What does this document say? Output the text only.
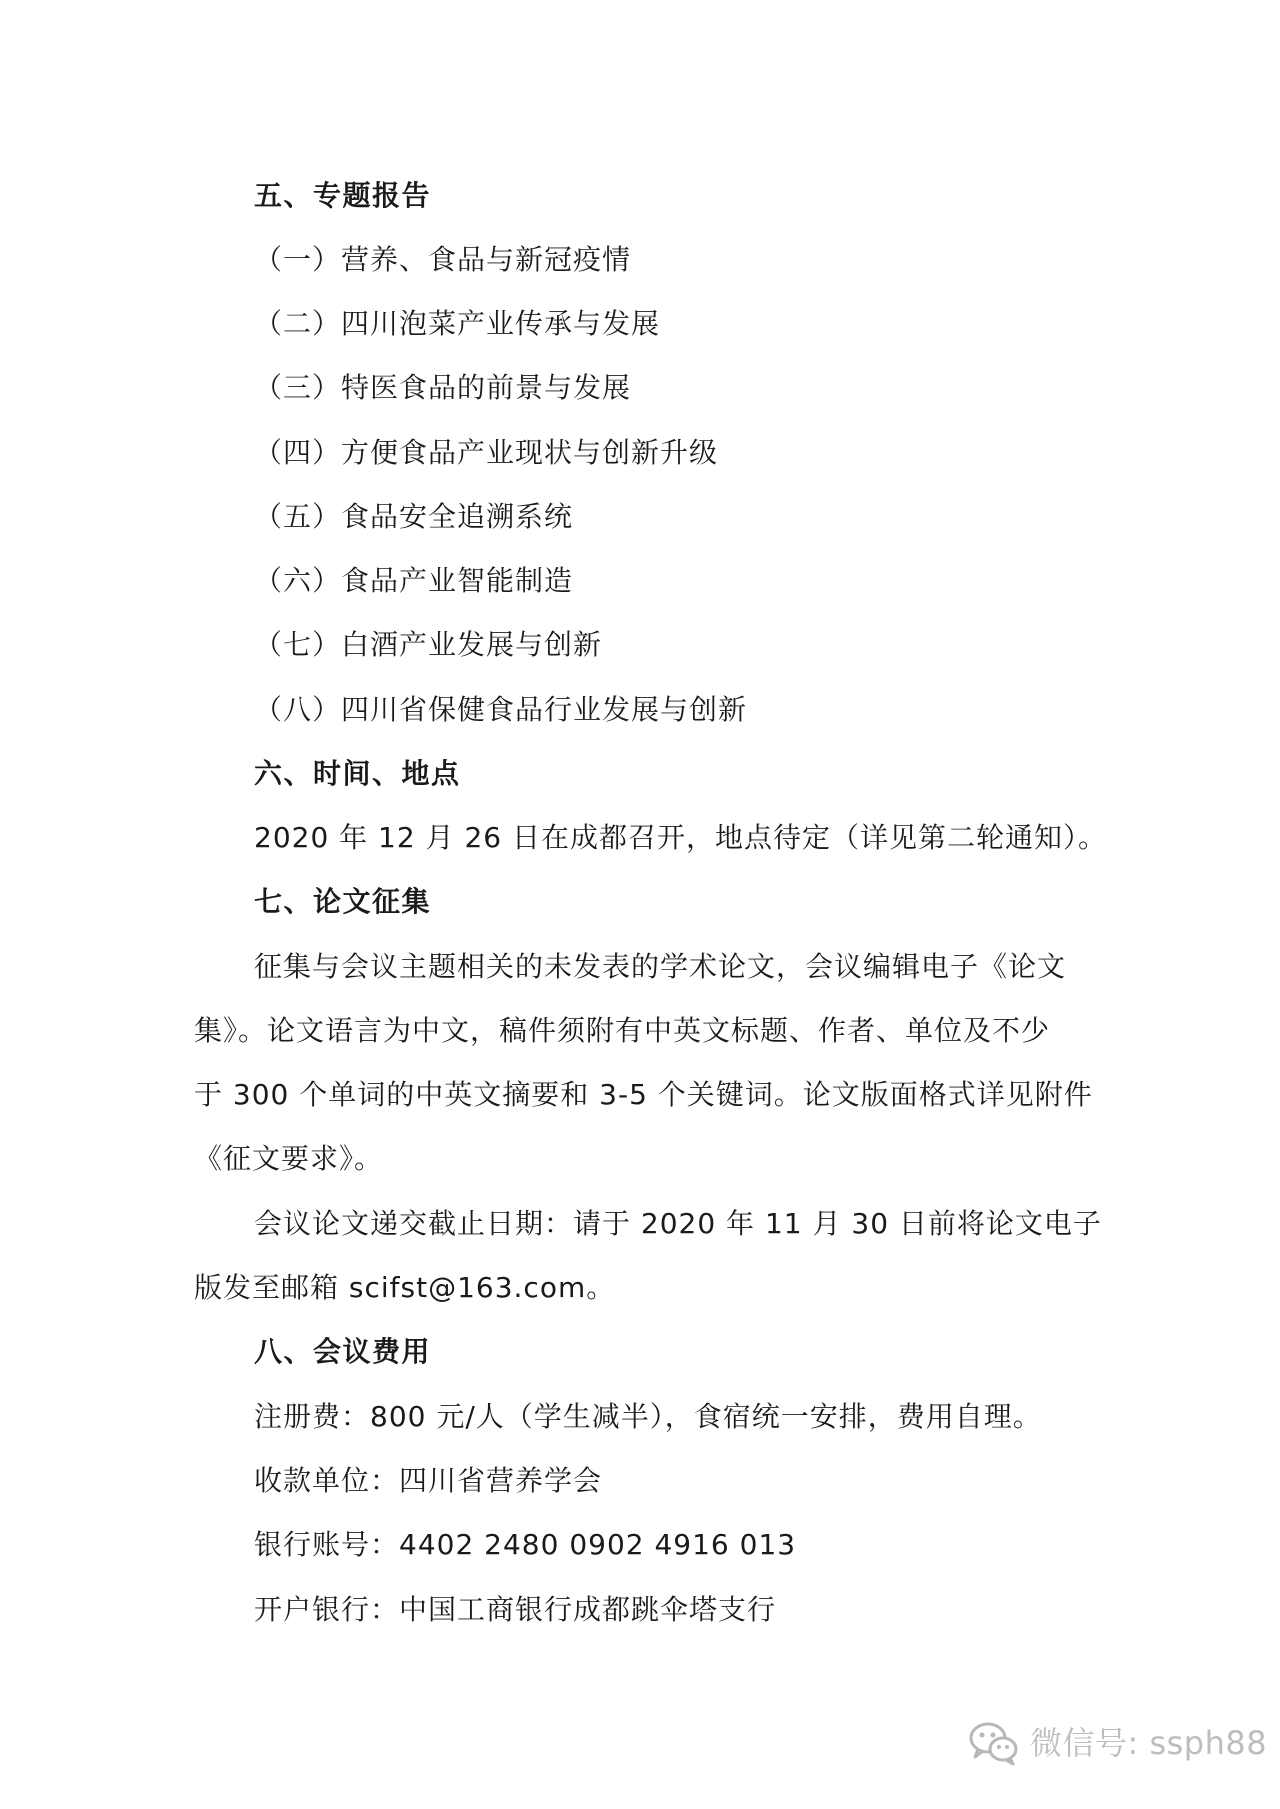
五、专题报告
（一）营养、食品与新冠疫情
（二）四川泡菜产业传承与发展
（三）特医食品的前景与发展
（四）方便食品产业现状与创新升级
（五）食品安全追溯系统
（六）食品产业智能制造
（七）白酒产业发展与创新
（八）四川省保健食品行业发展与创新
六、时间、地点
2020 年 12 月 26 日在成都召开，地点待定（详见第二轮通知）。
七、论文征集
征集与会议主题相关的未发表的学术论文，会议编辑电子《论文
集》。论文语言为中文，稿件须附有中英文标题、作者、单位及不少
于 300 个单词的中英文摘要和 3-5 个关键词。论文版面格式详见附件
《征文要求》。
会议论文递交截止日期：请于 2020 年 11 月 30 日前将论文电子
版发至邮箱 scifst@163.com。
八、会议费用
注册费：800 元/人（学生减半），食宿统一安排，费用自理。
收款单位：四川省营养学会
银行账号：4402 2480 0902 4916 013
开户银行：中国工商银行成都跳伞塔支行
微信号: ssph88
